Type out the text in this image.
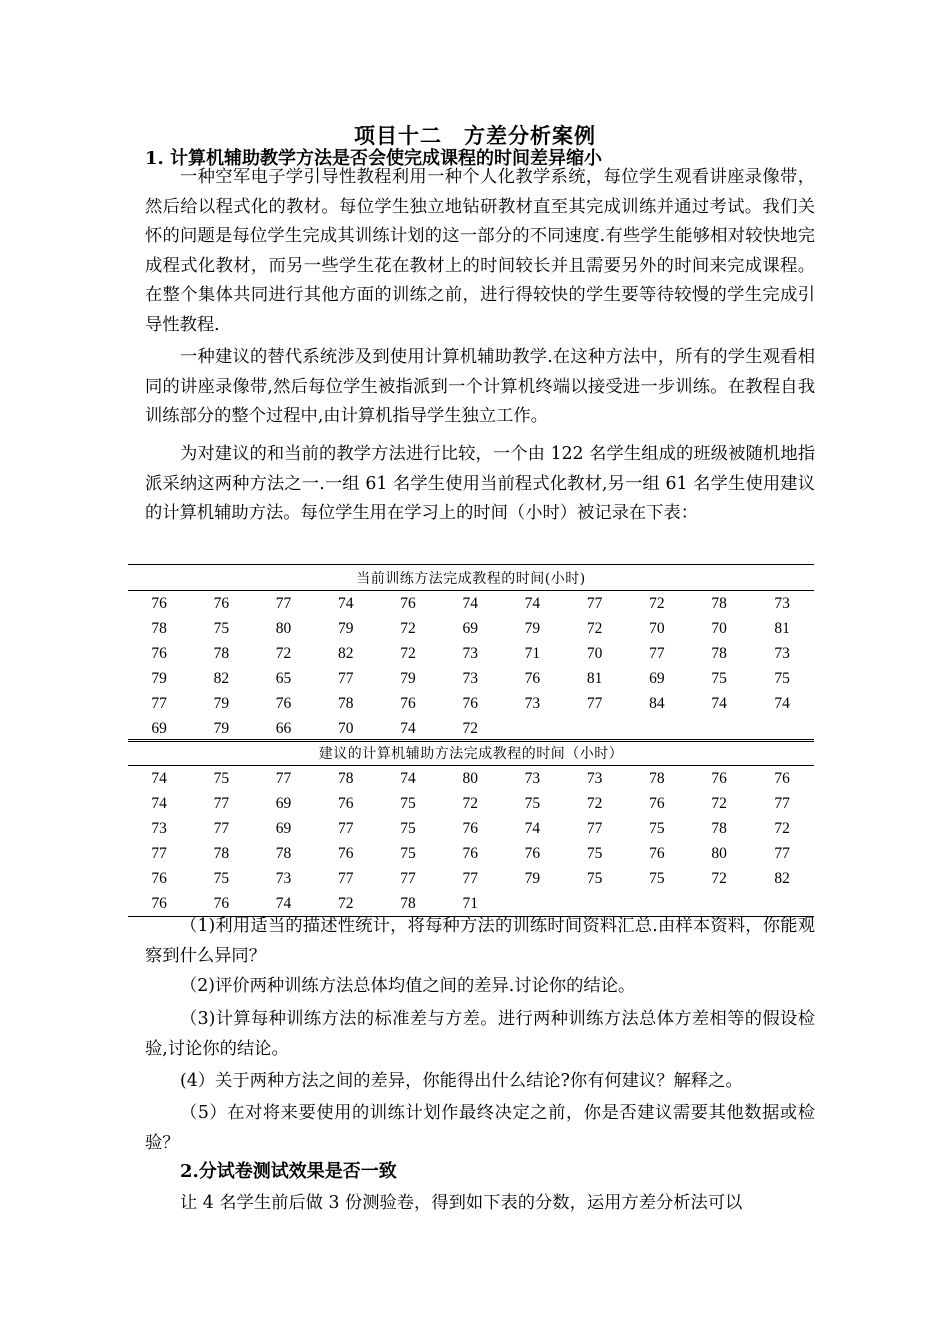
项目十二　方差分析案例
1. 计算机辅助教学方法是否会使完成课程的时间差异缩小
一种空军电子学引导性教程利用一种个人化教学系统，每位学生观看讲座录像带，然后给以程式化的教材。每位学生独立地钻研教材直至其完成训练并通过考试。我们关怀的问题是每位学生完成其训练计划的这一部分的不同速度.有些学生能够相对较快地完成程式化教材，而另一些学生花在教材上的时间较长并且需要另外的时间来完成课程。在整个集体共同进行其他方面的训练之前，进行得较快的学生要等待较慢的学生完成引导性教程.
一种建议的替代系统涉及到使用计算机辅助教学.在这种方法中，所有的学生观看相同的讲座录像带,然后每位学生被指派到一个计算机终端以接受进一步训练。在教程自我训练部分的整个过程中,由计算机指导学生独立工作。
为对建议的和当前的教学方法进行比较，一个由 122 名学生组成的班级被随机地指派采纳这两种方法之一.一组 61 名学生使用当前程式化教材,另一组 61 名学生使用建议的计算机辅助方法。每位学生用在学习上的时间（小时）被记录在下表：
当前训练方法完成教程的时间(小时)										
76	76	77	74	76	74	74	77	72	78	73
78	75	80	79	72	69	79	72	70	70	81
76	78	72	82	72	73	71	70	77	78	73
79	82	65	77	79	73	76	81	69	75	75
77	79	76	78	76	76	73	77	84	74	74
69	79	66	70	74	72					
建议的计算机辅助方法完成教程的时间（小时）										
74	75	77	78	74	80	73	73	78	76	76
74	77	69	76	75	72	75	72	76	72	77
73	77	69	77	75	76	74	77	75	78	72
77	78	78	76	75	76	76	75	76	80	77
76	75	73	77	77	77	79	75	75	72	82
76	76	74	72	78	71					
（1)利用适当的描述性统计，将每种方法的训练时间资料汇总.由样本资料，你能观察到什么异同？
（2)评价两种训练方法总体均值之间的差异.讨论你的结论。
（3)计算每种训练方法的标准差与方差。进行两种训练方法总体方差相等的假设检验,讨论你的结论。
(4）关于两种方法之间的差异，你能得出什么结论?你有何建议？解释之。
（5）在对将来要使用的训练计划作最终决定之前，你是否建议需要其他数据或检验？
2.分试卷测试效果是否一致
让 4 名学生前后做 3 份测验卷，得到如下表的分数，运用方差分析法可以
